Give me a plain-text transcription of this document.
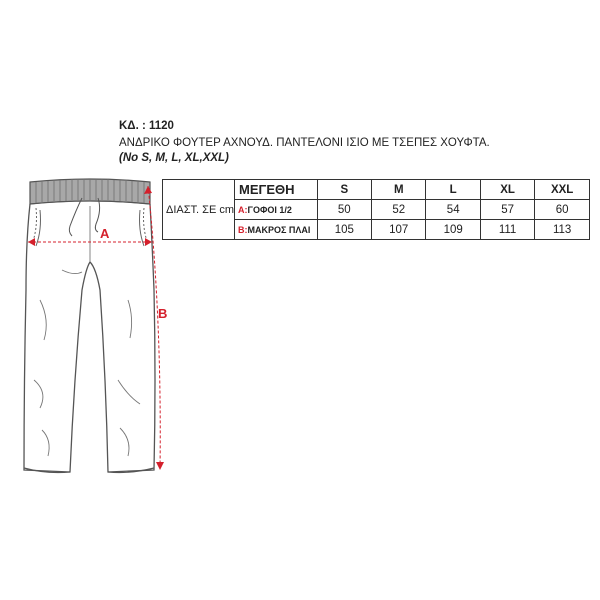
ΚΔ. : 1120
ΑΝΔΡΙΚΟ ΦΟΥΤΕΡ ΑΧΝΟΥΔ. ΠΑΝΤΕΛΟΝΙ ΙΣΙΟ ΜΕ ΤΣΕΠΕΣ ΧΟΥΦΤΑ.
(No S, M, L, XL,XXL)
A
B
ΔΙΑΣΤ. ΣΕ cm	ΜΕΓΕΘΗ	S	M	L	XL	XXL
	A:ΓΟΦΟΙ 1/2	50	52	54	57	60
	B:ΜΑΚΡΟΣ ΠΛΑΙ	105	107	109	111	113
